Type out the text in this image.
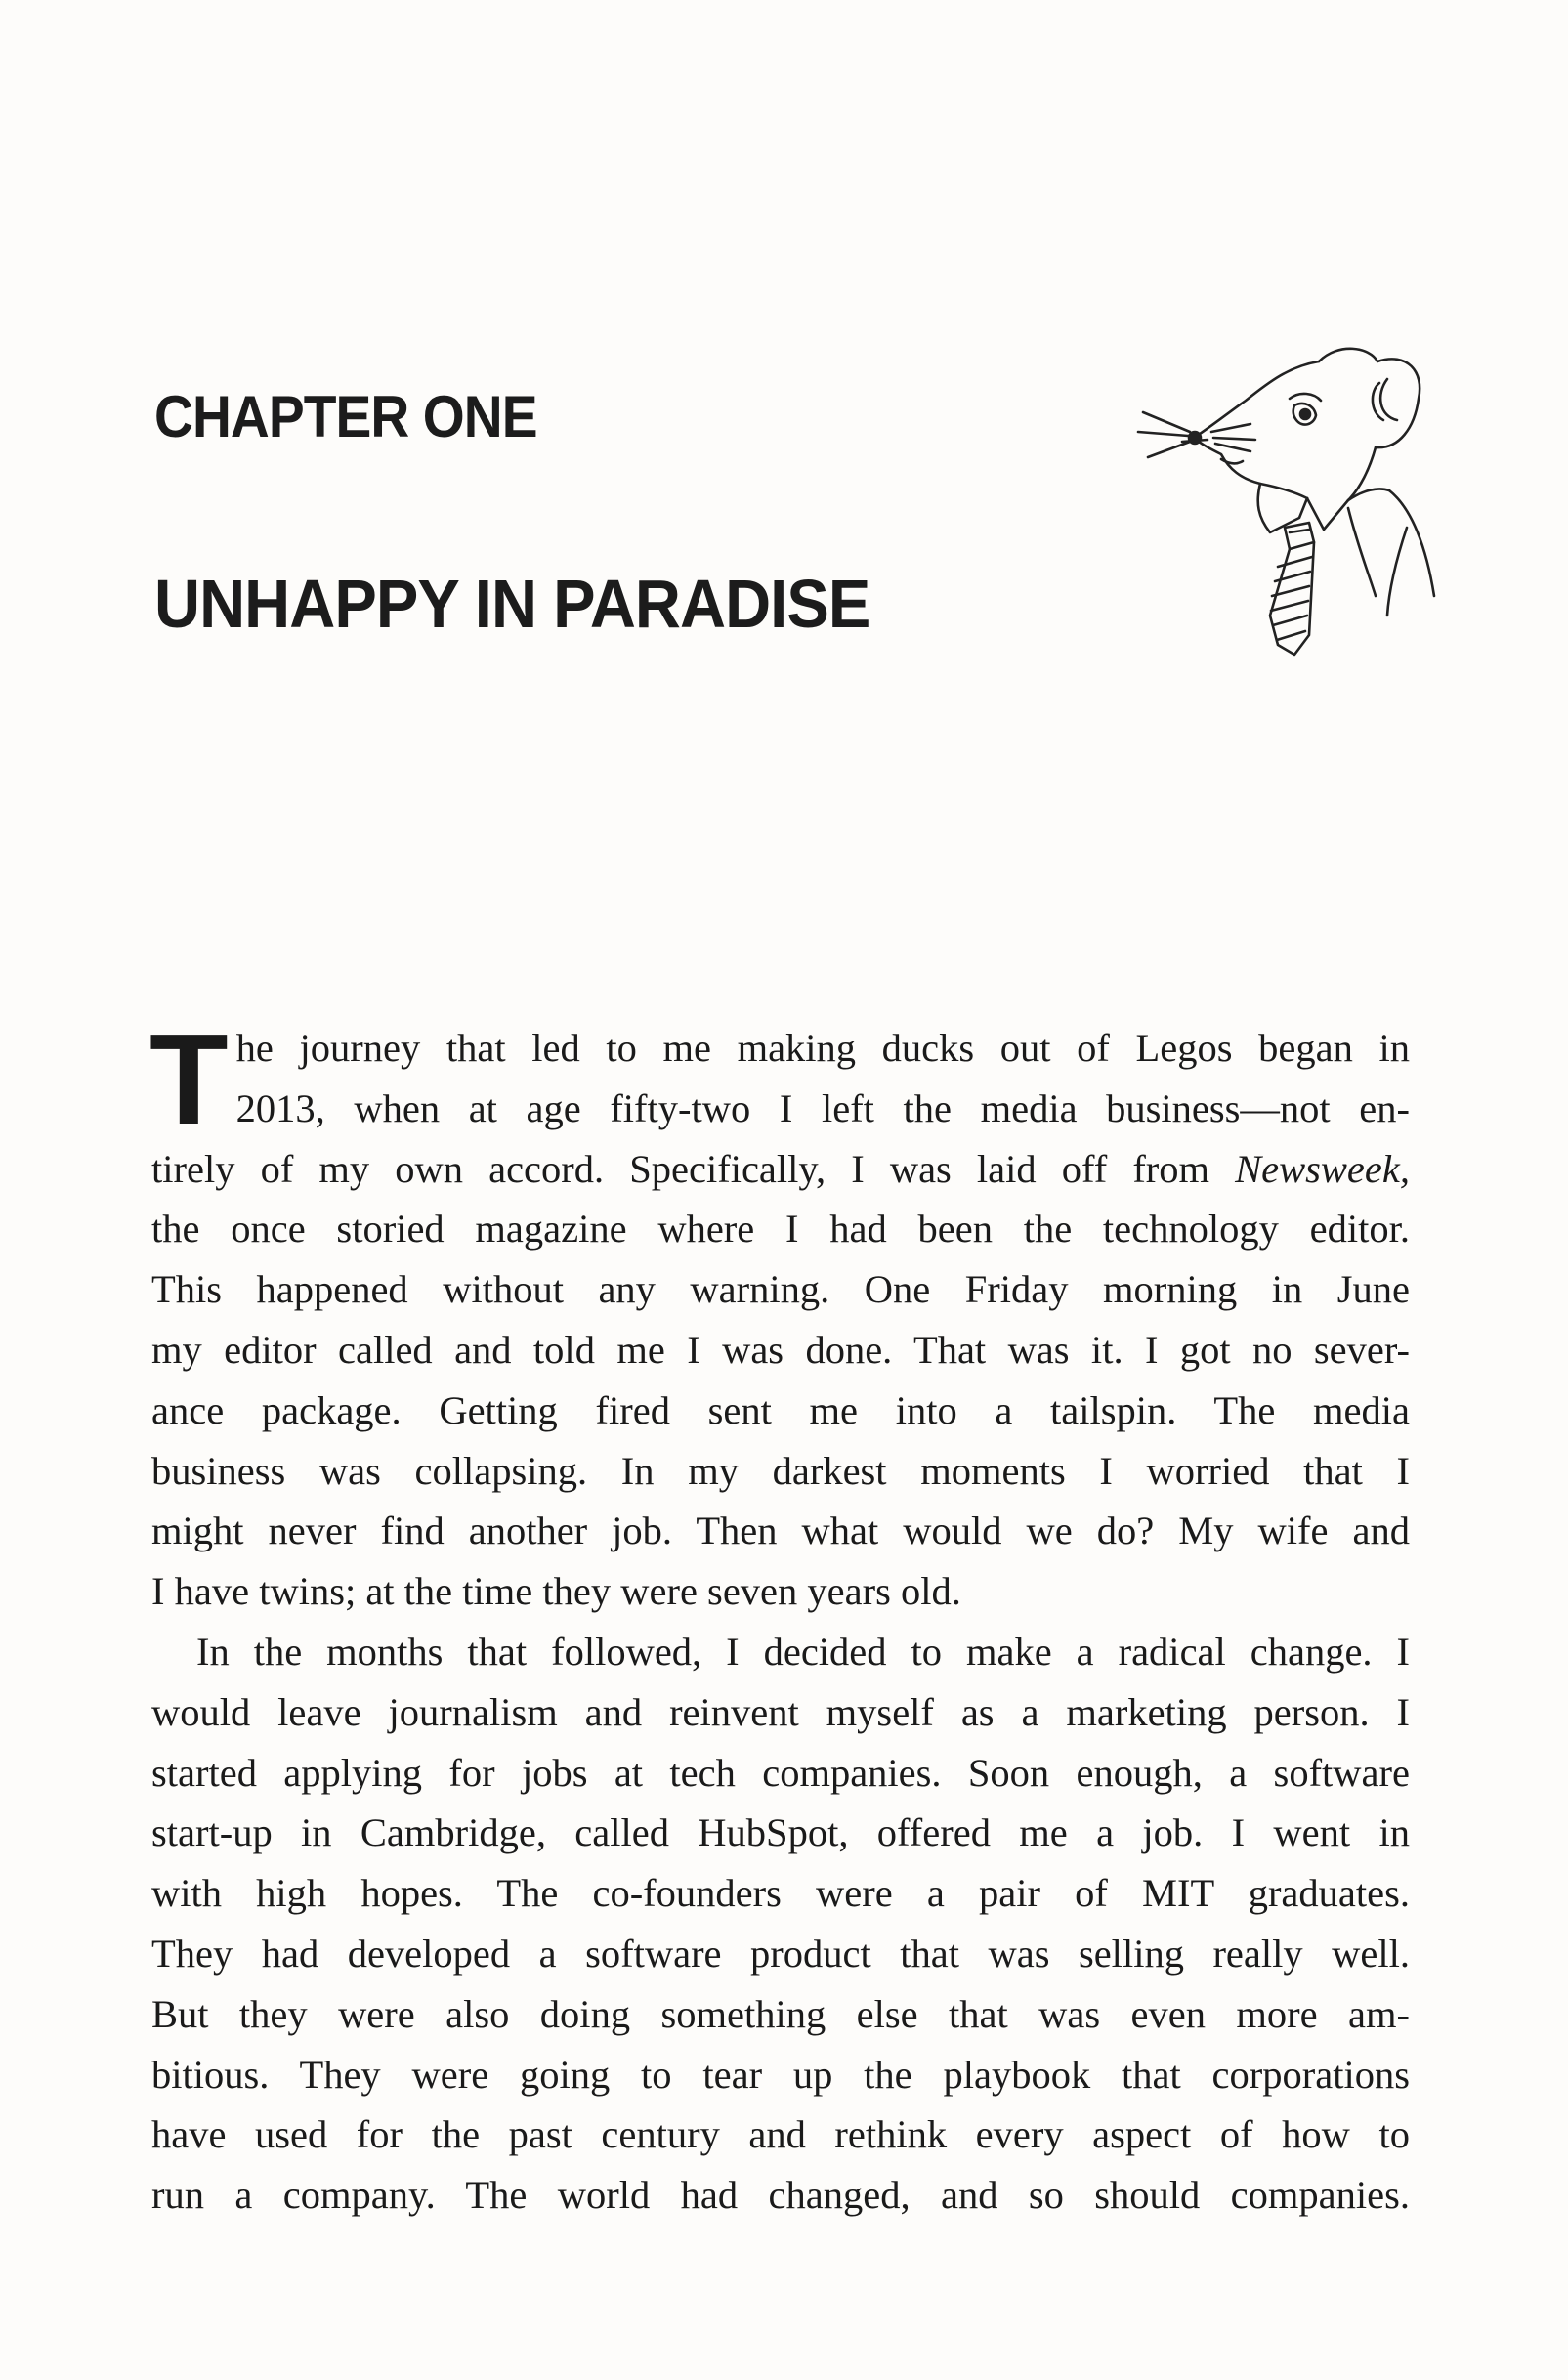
CHAPTER ONE
UNHAPPY IN PARADISE

T he journey that led to me making ducks out of Legos began in
2013, when at age fifty-two I left the media business—not en-
tirely of my own accord. Specifically, I was laid off from Newsweek,
the once storied magazine where I had been the technology editor.
This happened without any warning. One Friday morning in June
my editor called and told me I was done. That was it. I got no sever-
ance package. Getting fired sent me into a tailspin. The media
business was collapsing. In my darkest moments I worried that I
might never find another job. Then what would we do? My wife and
I have twins; at the time they were seven years old.

In the months that followed, I decided to make a radical change. I
would leave journalism and reinvent myself as a marketing person. I
started applying for jobs at tech companies. Soon enough, a software
start-up in Cambridge, called HubSpot, offered me a job. I went in
with high hopes. The co-founders were a pair of MIT graduates.
They had developed a software product that was selling really well.
But they were also doing something else that was even more am-
bitious. They were going to tear up the playbook that corporations
have used for the past century and rethink every aspect of how to
run a company. The world had changed, and so should companies.
